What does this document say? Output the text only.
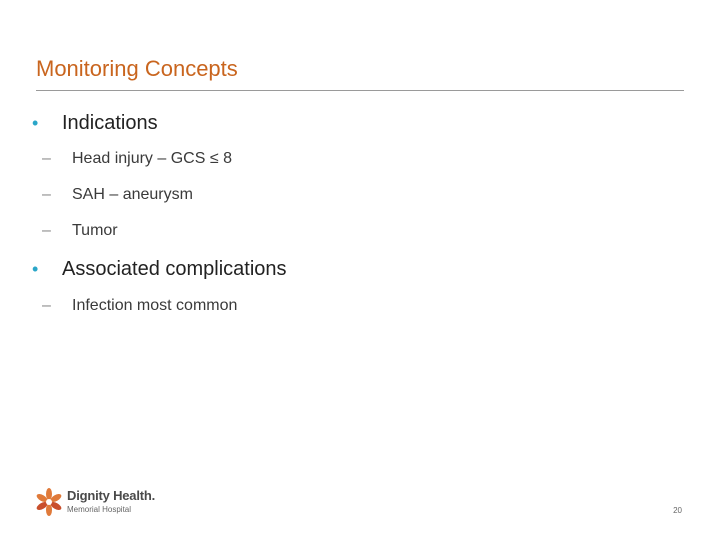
Monitoring Concepts
• Indications
– Head injury – GCS ≤ 8
– SAH – aneurysm
– Tumor
• Associated complications
– Infection most common
Dignity Health.
Memorial Hospital	20
